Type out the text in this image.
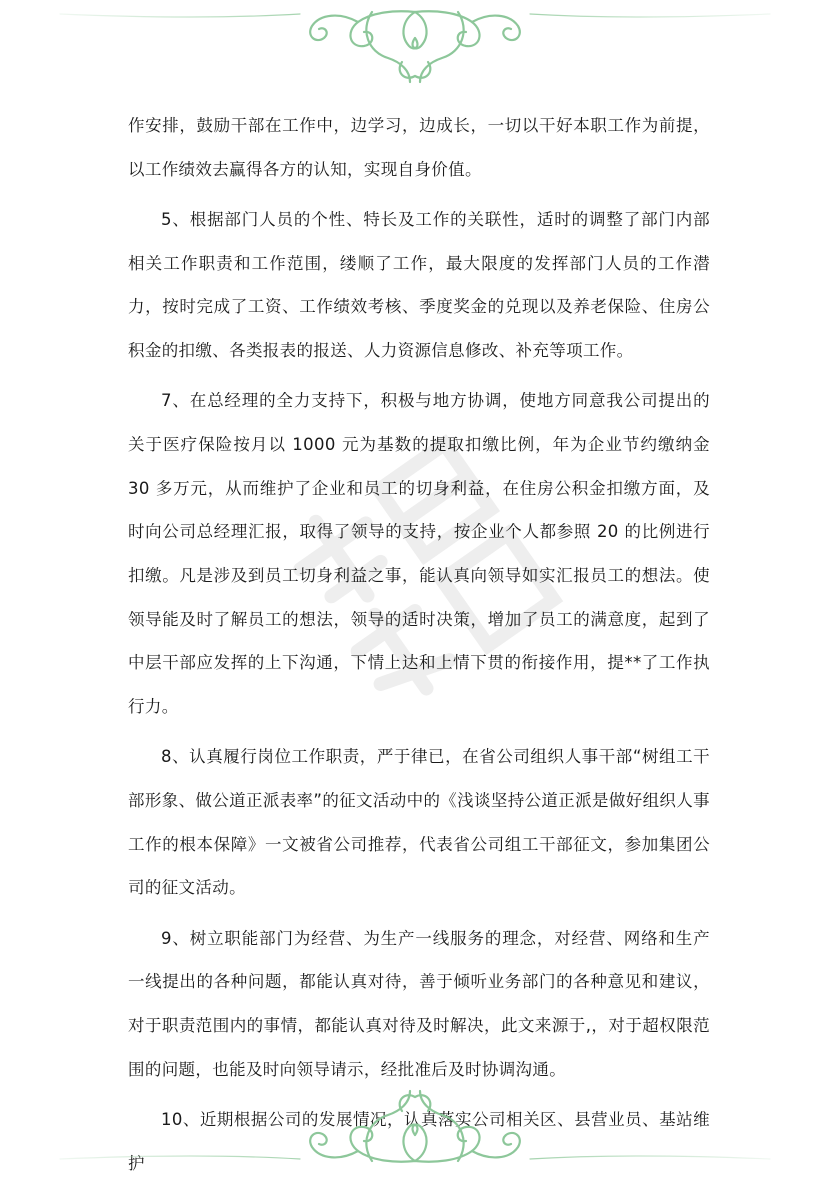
作安排，鼓励干部在工作中，边学习，边成长，一切以干好本职工作为前提，以工作绩效去赢得各方的认知，实现自身价值。

5、根据部门人员的个性、特长及工作的关联性，适时的调整了部门内部相关工作职责和工作范围，缕顺了工作，最大限度的发挥部门人员的工作潜力，按时完成了工资、工作绩效考核、季度奖金的兑现以及养老保险、住房公积金的扣缴、各类报表的报送、人力资源信息修改、补充等项工作。

7、在总经理的全力支持下，积极与地方协调，使地方同意我公司提出的关于医疗保险按月以 1000 元为基数的提取扣缴比例，年为企业节约缴纳金 30 多万元，从而维护了企业和员工的切身利益，在住房公积金扣缴方面，及时向公司总经理汇报，取得了领导的支持，按企业个人都参照 20 的比例进行扣缴。凡是涉及到员工切身利益之事，能认真向领导如实汇报员工的想法。使领导能及时了解员工的想法，领导的适时决策，增加了员工的满意度，起到了中层干部应发挥的上下沟通，下情上达和上情下贯的衔接作用，提**了工作执行力。

8、认真履行岗位工作职责，严于律已，在省公司组织人事干部“树组工干部形象、做公道正派表率”的征文活动中的《浅谈坚持公道正派是做好组织人事工作的根本保障》一文被省公司推荐，代表省公司组工干部征文，参加集团公司的征文活动。

9、树立职能部门为经营、为生产一线服务的理念，对经营、网络和生产一线提出的各种问题，都能认真对待，善于倾听业务部门的各种意见和建议，对于职责范围内的事情，都能认真对待及时解决，此文来源于,，对于超权限范围的问题，也能及时向领导请示，经批准后及时协调沟通。

10、近期根据公司的发展情况，认真落实公司相关区、县营业员、基站维护
